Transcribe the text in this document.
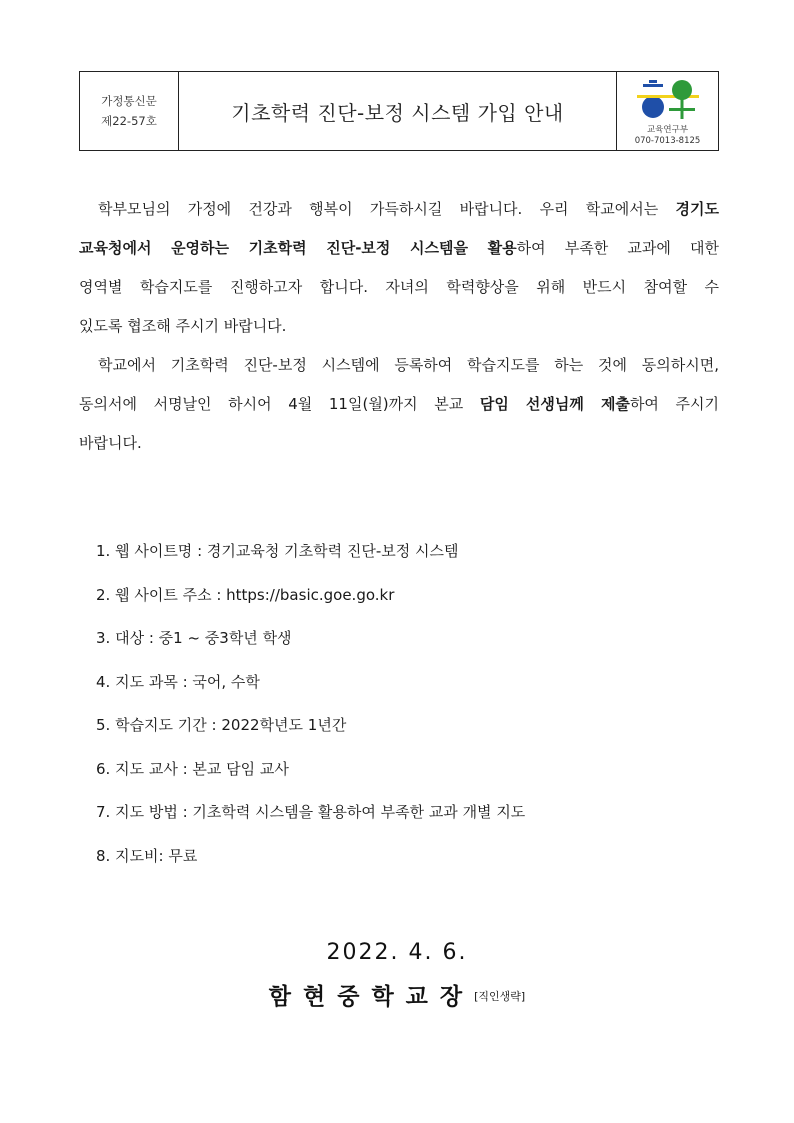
가정통신문
제22-57호	기초학력 진단-보정 시스템 가입 안내
교육연구부
070-7013-8125

학부모님의 가정에 건강과 행복이 가득하시길 바랍니다. 우리 학교에서는 경기도

교육청에서 운영하는 기초학력 진단-보정 시스템을 활용하여 부족한 교과에 대한
영역별 학습지도를 진행하고자 합니다. 자녀의 학력향상을 위해 반드시 참여할 수
있도록 협조해 주시기 바랍니다.

학교에서 기초학력 진단-보정 시스템에 등록하여 학습지도를 하는 것에 동의하시면,

동의서에 서명날인 하시어 4월 11일(월)까지 본교 담임 선생님께 제출하여 주시기
바랍니다.
1. 웹 사이트명 : 경기교육청 기초학력 진단-보정 시스템
2. 웹 사이트 주소 : https://basic.goe.go.kr
3. 대상 : 중1 ~ 중3학년 학생
4. 지도 과목 : 국어, 수학
5. 학습지도 기간 : 2022학년도 1년간
6. 지도 교사 : 본교 담임 교사
7. 지도 방법 : 기초학력 시스템을 활용하여 부족한 교과 개별 지도
8. 지도비: 무료
2022. 4. 6.
함현중학교장[직인생략]
